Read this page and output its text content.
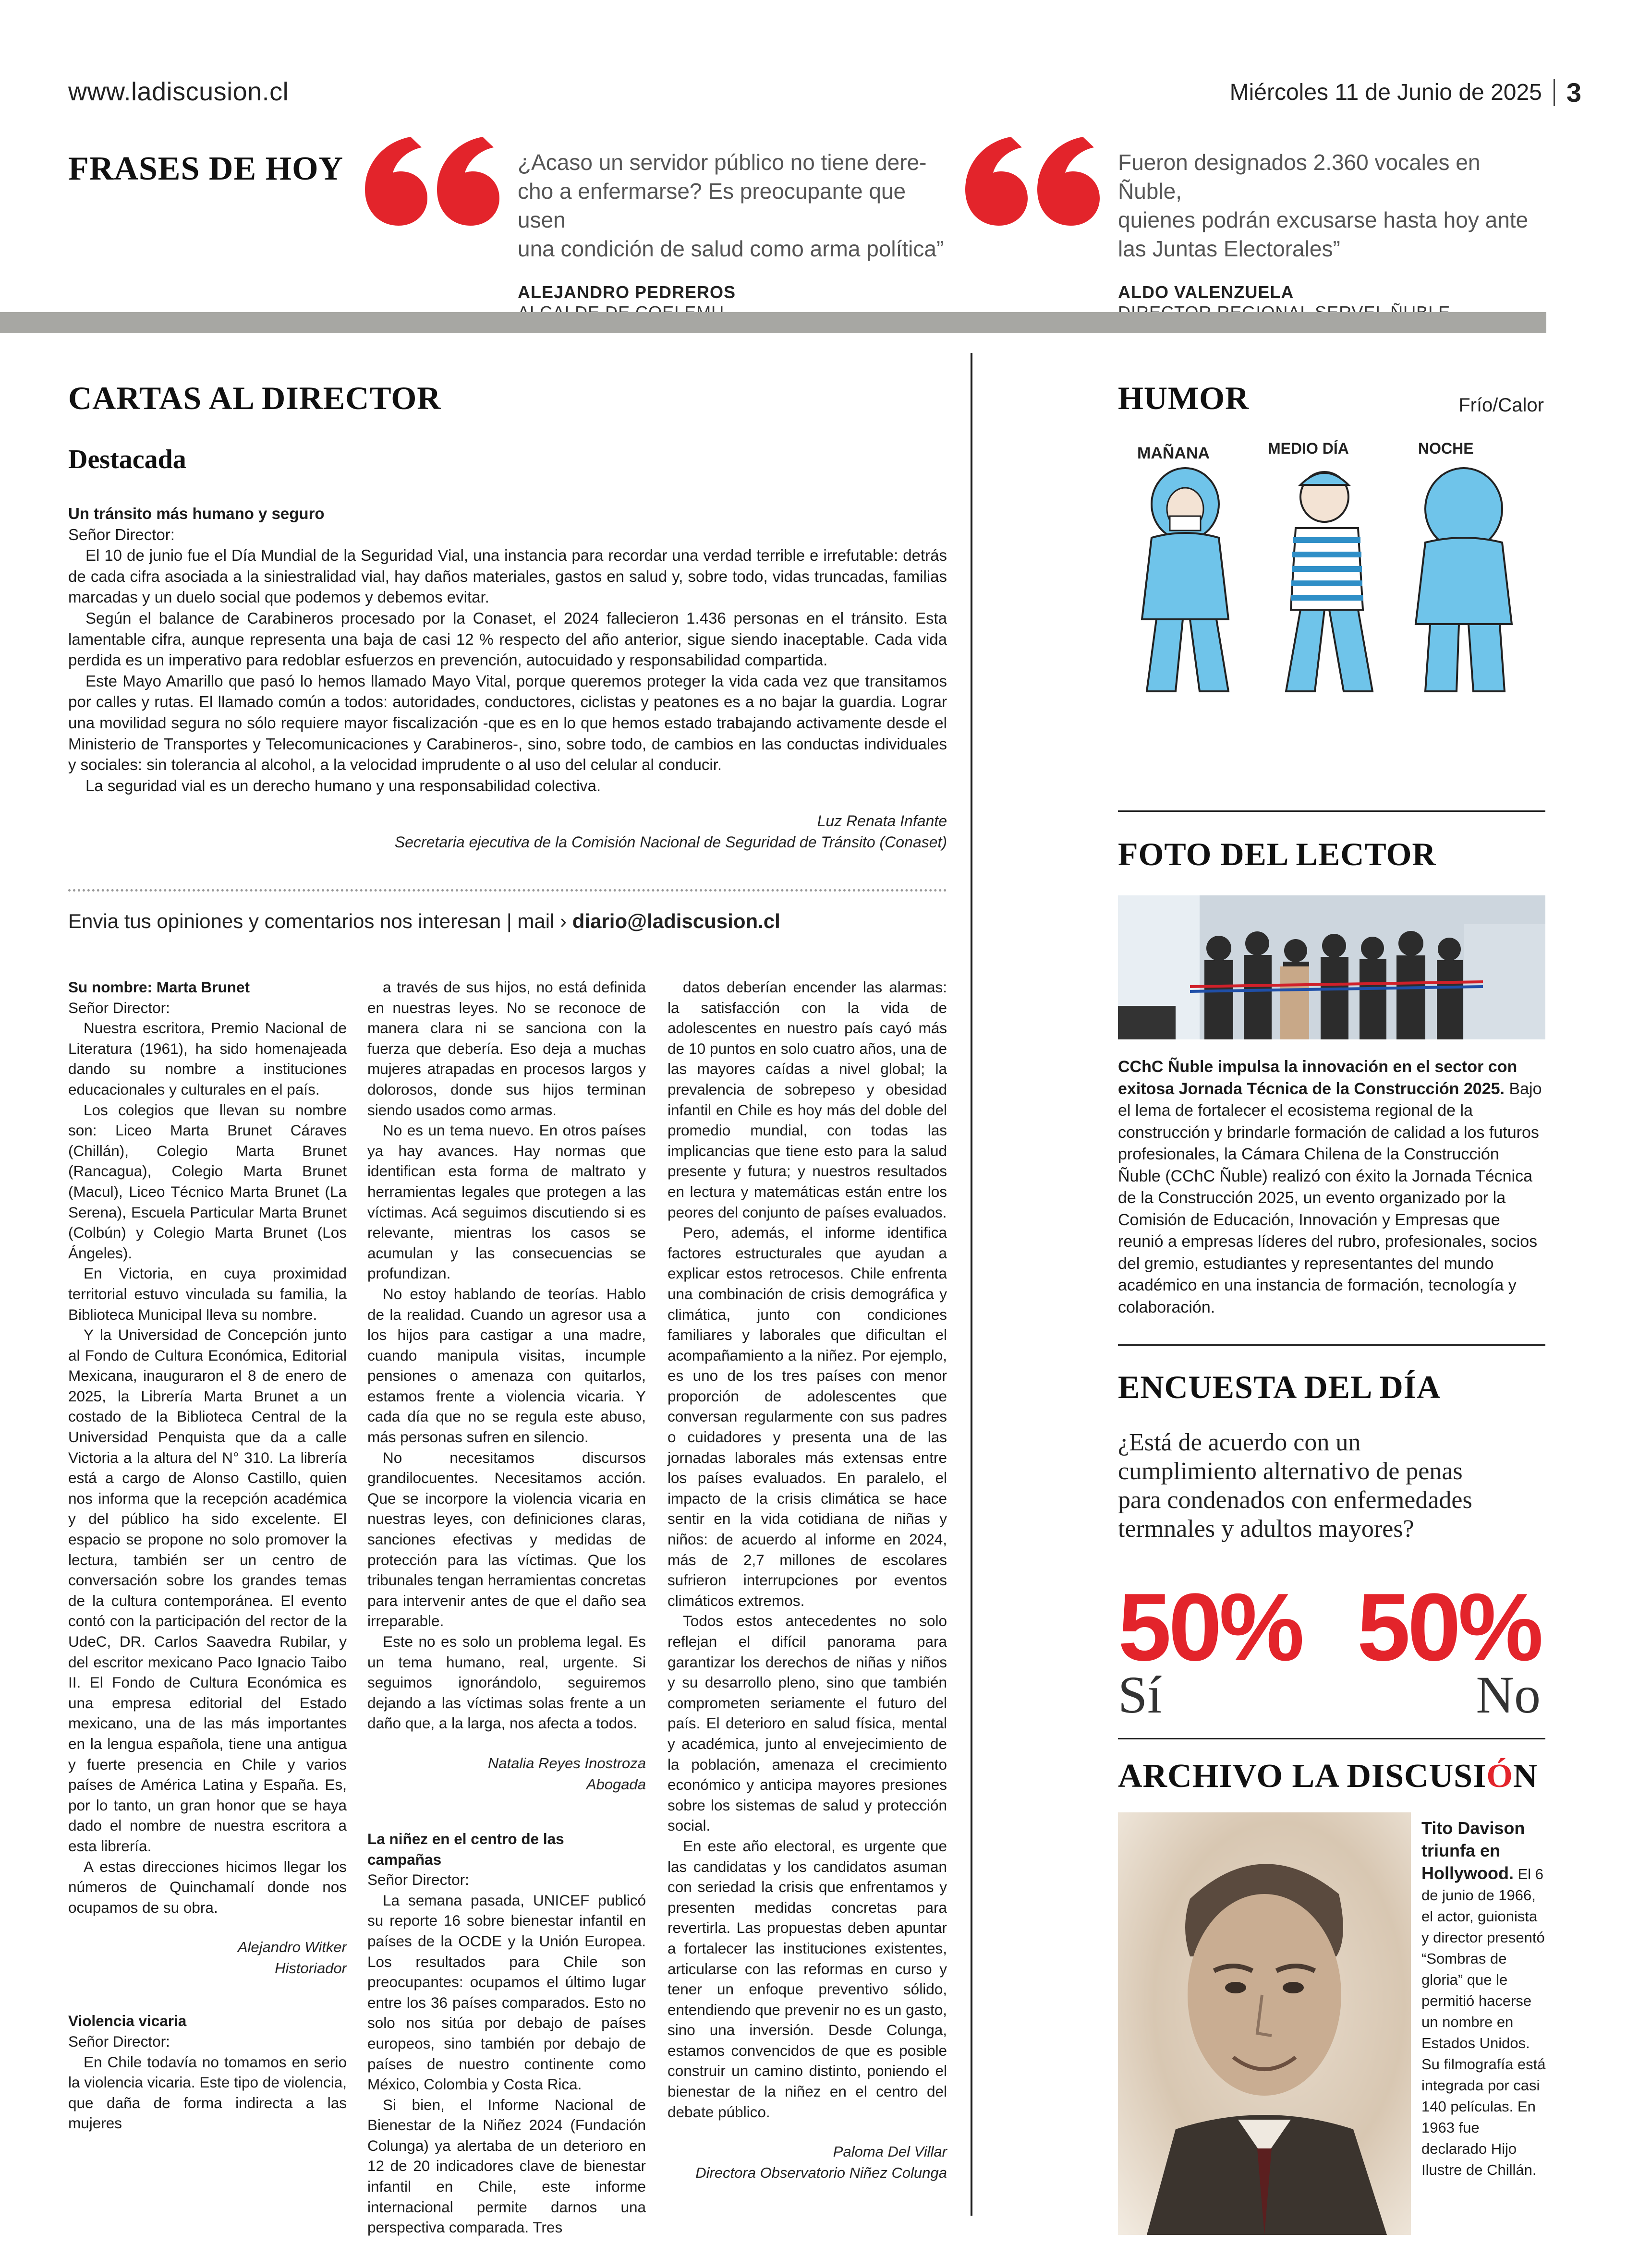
www.ladiscusion.cl	Miércoles 11 de Junio de 2025 3
FRASES DE HOY	¿Acaso un servidor público no tiene dere-
cho a enfermarse? Es preocupante que usen
una condición de salud como arma política”
ALEJANDRO PEDREROS
Fueron designados 2.360 vocales en Ñuble,
quienes podrán excusarse hasta hoy ante
las Juntas Electorales”
ALDO VALENZUELA
CARTAS AL DIRECTOR
Destacada
Un tránsito más humano y seguro
Señor Director:

El 10 de junio fue el Día Mundial de la Seguridad Vial, una instancia para recordar una verdad terrible e irrefutable: detrás de cada cifra asociada a la siniestralidad vial, hay daños materiales, gastos en salud y, sobre todo, vidas truncadas, familias marcadas y un duelo social que podemos y debemos evitar.

Según el balance de Carabineros procesado por la Conaset, el 2024 fallecieron 1.436 personas en el tránsito. Esta lamentable cifra, aunque representa una baja de casi 12 % respecto del año anterior, sigue siendo inaceptable. Cada vida perdida es un imperativo para redoblar esfuerzos en prevención, autocuidado y responsabilidad compartida.

Este Mayo Amarillo que pasó lo hemos llamado Mayo Vital, porque queremos proteger la vida cada vez que transitamos por calles y rutas. El llamado común a todos: autoridades, conductores, ciclistas y peatones es a no bajar la guardia. Lograr una movilidad segura no sólo requiere mayor fiscalización -que es en lo que hemos estado trabajando activamente desde el Ministerio de Transportes y Telecomunicaciones y Carabineros-, sino, sobre todo, de cambios en las conductas individuales y sociales: sin tolerancia al alcohol, a la velocidad imprudente o al uso del celular al conducir.

La seguridad vial es un derecho humano y una responsabilidad colectiva.

Luz Renata Infante
Secretaria ejecutiva de la Comisión Nacional de Seguridad de Tránsito (Conaset)
Envia tus opiniones y comentarios nos interesan | mail › diario@ladiscusion.cl
Su nombre: Marta Brunet
Señor Director:

Nuestra escritora, Premio Nacional de Literatura (1961), ha sido homenajeada dando su nombre a instituciones educacionales y culturales en el país.

Los colegios que llevan su nombre son: Liceo Marta Brunet Cáraves (Chillán), Colegio Marta Brunet (Rancagua), Colegio Marta Brunet (Macul), Liceo Técnico Marta Brunet (La Serena), Escuela Particular Marta Brunet (Colbún) y Colegio Marta Brunet (Los Ángeles).

En Victoria, en cuya proximidad territorial estuvo vinculada su familia, la Biblioteca Municipal lleva su nombre.

Y la Universidad de Concepción junto al Fondo de Cultura Económica, Editorial Mexicana, inauguraron el 8 de enero de 2025, la Librería Marta Brunet a un costado de la Biblioteca Central de la Universidad Penquista que da a calle Victoria a la altura del N° 310. La librería está a cargo de Alonso Castillo, quien nos informa que la recepción académica y del público ha sido excelente. El espacio se propone no solo promover la lectura, también ser un centro de conversación sobre los grandes temas de la cultura contemporánea. El evento contó con la participación del rector de la UdeC, DR. Carlos Saavedra Rubilar, y del escritor mexicano Paco Ignacio Taibo II. El Fondo de Cultura Económica es una empresa editorial del Estado mexicano, una de las más importantes en la lengua española, tiene una antigua y fuerte presencia en Chile y varios países de América Latina y España. Es, por lo tanto, un gran honor que se haya dado el nombre de nuestra escritora a esta librería.

A estas direcciones hicimos llegar los números de Quinchamalí donde nos ocupamos de su obra.

Alejandro Witker
Historiador
Violencia vicaria
Señor Director:

En Chile todavía no tomamos en serio la violencia vicaria. Este tipo de violencia, que daña de forma indirecta a las mujeres

a través de sus hijos, no está definida en nuestras leyes. No se reconoce de manera clara ni se sanciona con la fuerza que debería. Eso deja a muchas mujeres atrapadas en procesos largos y dolorosos, donde sus hijos terminan siendo usados como armas.

No es un tema nuevo. En otros países ya hay avances. Hay normas que identifican esta forma de maltrato y herramientas legales que protegen a las víctimas. Acá seguimos discutiendo si es relevante, mientras los casos se acumulan y las consecuencias se profundizan.

No estoy hablando de teorías. Hablo de la realidad. Cuando un agresor usa a los hijos para castigar a una madre, cuando manipula visitas, incumple pensiones o amenaza con quitarlos, estamos frente a violencia vicaria. Y cada día que no se regula este abuso, más personas sufren en silencio.

No necesitamos discursos grandilocuentes. Necesitamos acción. Que se incorpore la violencia vicaria en nuestras leyes, con definiciones claras, sanciones efectivas y medidas de protección para las víctimas. Que los tribunales tengan herramientas concretas para intervenir antes de que el daño sea irreparable.

Este no es solo un problema legal. Es un tema humano, real, urgente. Si seguimos ignorándolo, seguiremos dejando a las víctimas solas frente a un daño que, a la larga, nos afecta a todos.

Natalia Reyes Inostroza
Abogada
La niñez en el centro de las
campañas
Señor Director:

La semana pasada, UNICEF publicó su reporte 16 sobre bienestar infantil en países de la OCDE y la Unión Europea. Los resultados para Chile son preocupantes: ocupamos el último lugar entre los 36 países comparados. Esto no solo nos sitúa por debajo de países europeos, sino también por debajo de países de nuestro continente como México, Colombia y Costa Rica.

Si bien, el Informe Nacional de Bienestar de la Niñez 2024 (Fundación Colunga) ya alertaba de un deterioro en 12 de 20 indicadores clave de bienestar infantil en Chile, este informe internacional permite darnos una perspectiva comparada. Tres

datos deberían encender las alarmas: la satisfacción con la vida de adolescentes en nuestro país cayó más de 10 puntos en solo cuatro años, una de las mayores caídas a nivel global; la prevalencia de sobrepeso y obesidad infantil en Chile es hoy más del doble del promedio mundial, con todas las implicancias que tiene esto para la salud presente y futura; y nuestros resultados en lectura y matemáticas están entre los peores del conjunto de países evaluados.

Pero, además, el informe identifica factores estructurales que ayudan a explicar estos retrocesos. Chile enfrenta una combinación de crisis demográfica y climática, junto con condiciones familiares y laborales que dificultan el acompañamiento a la niñez. Por ejemplo, es uno de los tres países con menor proporción de adolescentes que conversan regularmente con sus padres o cuidadores y presenta una de las jornadas laborales más extensas entre los países evaluados. En paralelo, el impacto de la crisis climática se hace sentir en la vida cotidiana de niñas y niños: de acuerdo al informe en 2024, más de 2,7 millones de escolares sufrieron interrupciones por eventos climáticos extremos.

Todos estos antecedentes no solo reflejan el difícil panorama para garantizar los derechos de niñas y niños y su desarrollo pleno, sino que también comprometen seriamente el futuro del país. El deterioro en salud física, mental y académica, junto al envejecimiento de la población, amenaza el crecimiento económico y anticipa mayores presiones sobre los sistemas de salud y protección social.

En este año electoral, es urgente que las candidatas y los candidatos asuman con seriedad la crisis que enfrentamos y presenten medidas concretas para revertirla. Las propuestas deben apuntar a fortalecer las instituciones existentes, articularse con las reformas en curso y tener un enfoque preventivo sólido, entendiendo que prevenir no es un gasto, sino una inversión. Desde Colunga, estamos convencidos de que es posible construir un camino distinto, poniendo el bienestar de la niñez en el centro del debate público.

Paloma Del Villar
Directora Observatorio Niñez Colunga
HUMOR	Frío/Calor
MAÑANA	MEDIO DÍA	NOCHE
FOTO DEL LECTOR
CChC Ñuble impulsa la innovación en el sector con exitosa Jornada Técnica de la Construcción 2025. Bajo el lema de fortalecer el ecosistema regional de la construcción y brindarle formación de calidad a los futuros profesionales, la Cámara Chilena de la Construcción Ñuble (CChC Ñuble) realizó con éxito la Jornada Técnica de la Construcción 2025, un evento organizado por la Comisión de Educación, Innovación y Empresas que reunió a empresas líderes del rubro, profesionales, socios del gremio, estudiantes y representantes del mundo académico en una instancia de formación, tecnología y colaboración.
ENCUESTA DEL DÍA
¿Está de acuerdo con un cumplimiento alternativo de penas para condenados con enfermedades termnales y adultos mayores?
50%
Sí
50%
No
ARCHIVO LA DISCUSIÓN
Tito Davison triunfa en Hollywood. El 6 de junio de 1966, el actor, guionista y director presentó “Sombras de gloria” que le permitió hacerse un nombre en Estados Unidos. Su filmografía está integrada por casi 140 películas. En 1963 fue declarado Hijo Ilustre de Chillán.
